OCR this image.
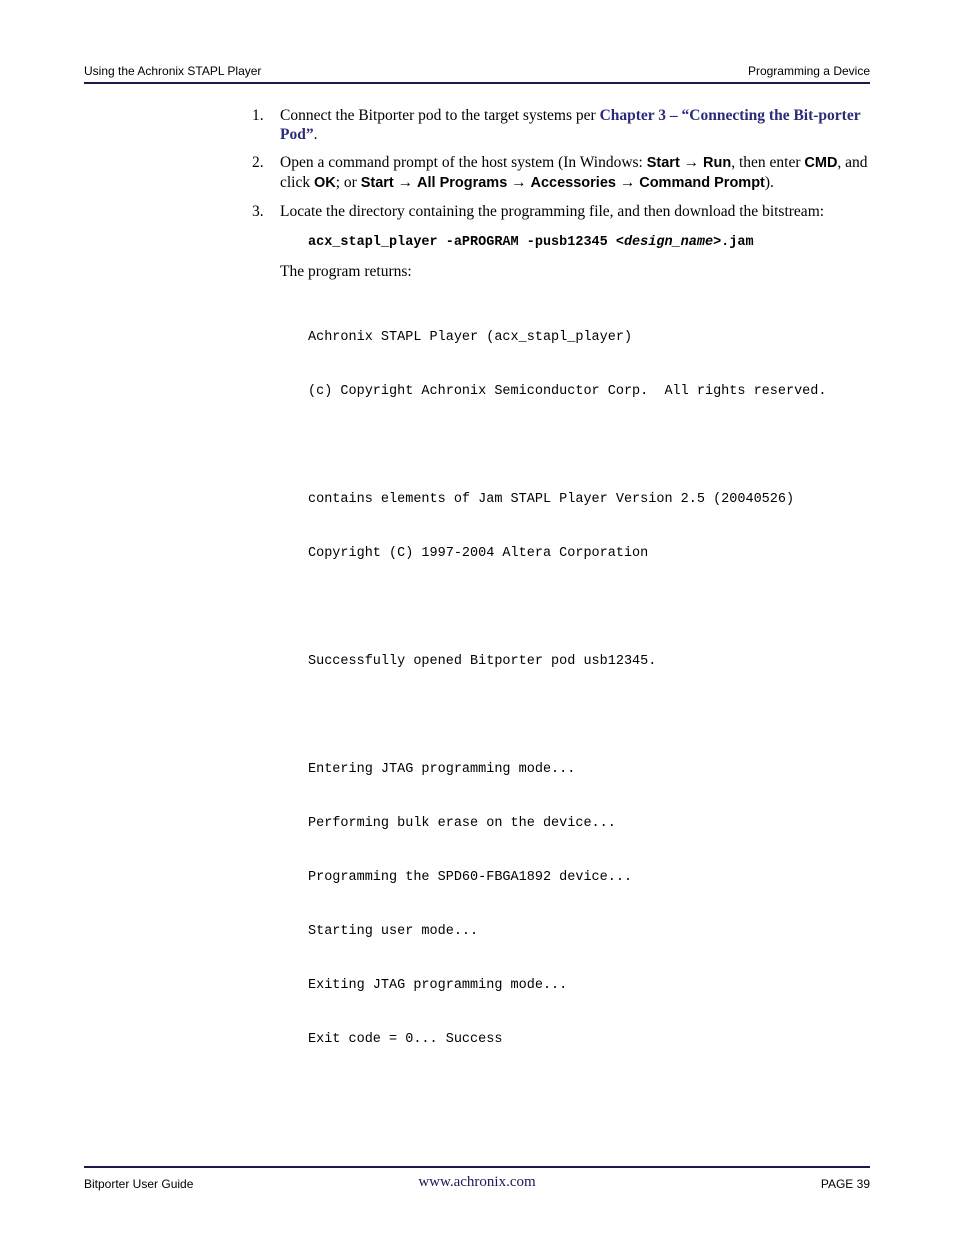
Using the Achronix STAPL Player	Programming a Device
1. Connect the Bitporter pod to the target systems per Chapter 3 – “Connecting the Bit-porter Pod”.
2. Open a command prompt of the host system (In Windows: Start → Run, then enter CMD, and click OK; or Start → All Programs → Accessories → Command Prompt).
3. Locate the directory containing the programming file, and then download the bitstream:
acx_stapl_player -aPROGRAM -pusb12345 <design_name>.jam
The program returns:

Achronix STAPL Player (acx_stapl_player)

(c) Copyright Achronix Semiconductor Corp.  All rights reserved.

contains elements of Jam STAPL Player Version 2.5 (20040526)

Copyright (C) 1997-2004 Altera Corporation

Successfully opened Bitporter pod usb12345.

Entering JTAG programming mode...

Performing bulk erase on the device...

Programming the SPD60-FBGA1892 device...

Starting user mode...

Exiting JTAG programming mode...

Exit code = 0... Success

Bitporter User Guide	www.achronix.com	PAGE 39
